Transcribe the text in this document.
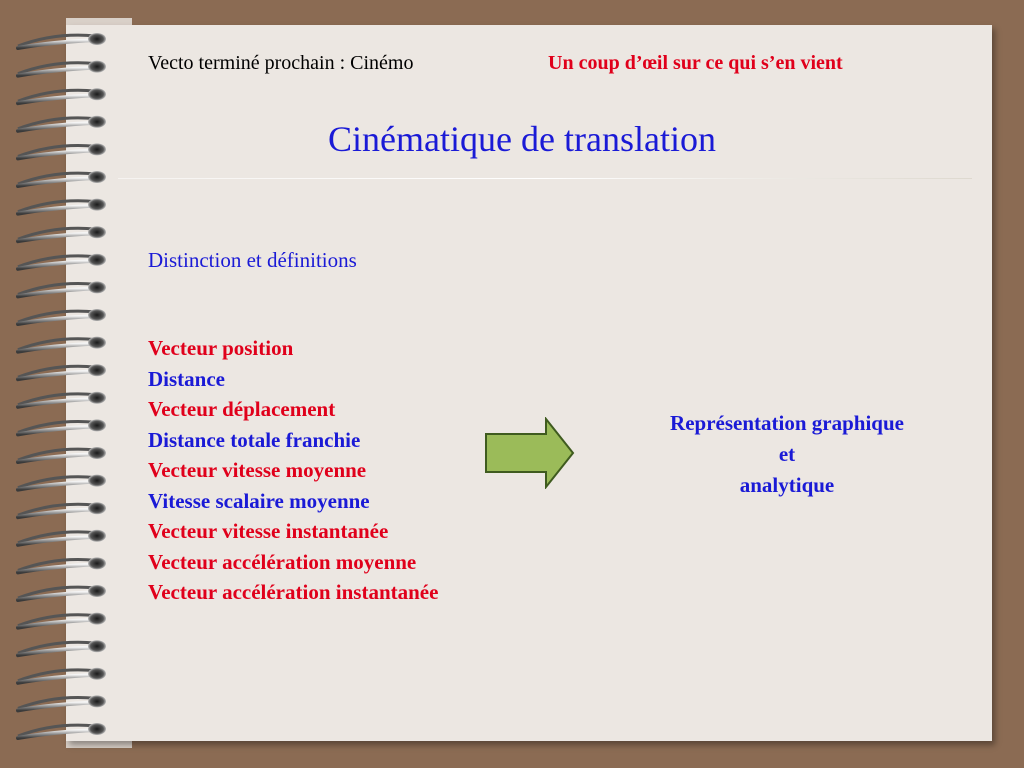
Vecto terminé prochain : Cinémo	Un coup d’œil sur ce qui s’en vient
Cinématique de translation
Distinction et définitions
Vecteur position
Distance
Vecteur déplacement
Distance totale franchie
Vecteur vitesse moyenne
Vitesse scalaire moyenne
Vecteur vitesse instantanée
Vecteur accélération moyenne
Vecteur accélération instantanée
Représentation graphique
et
analytique
